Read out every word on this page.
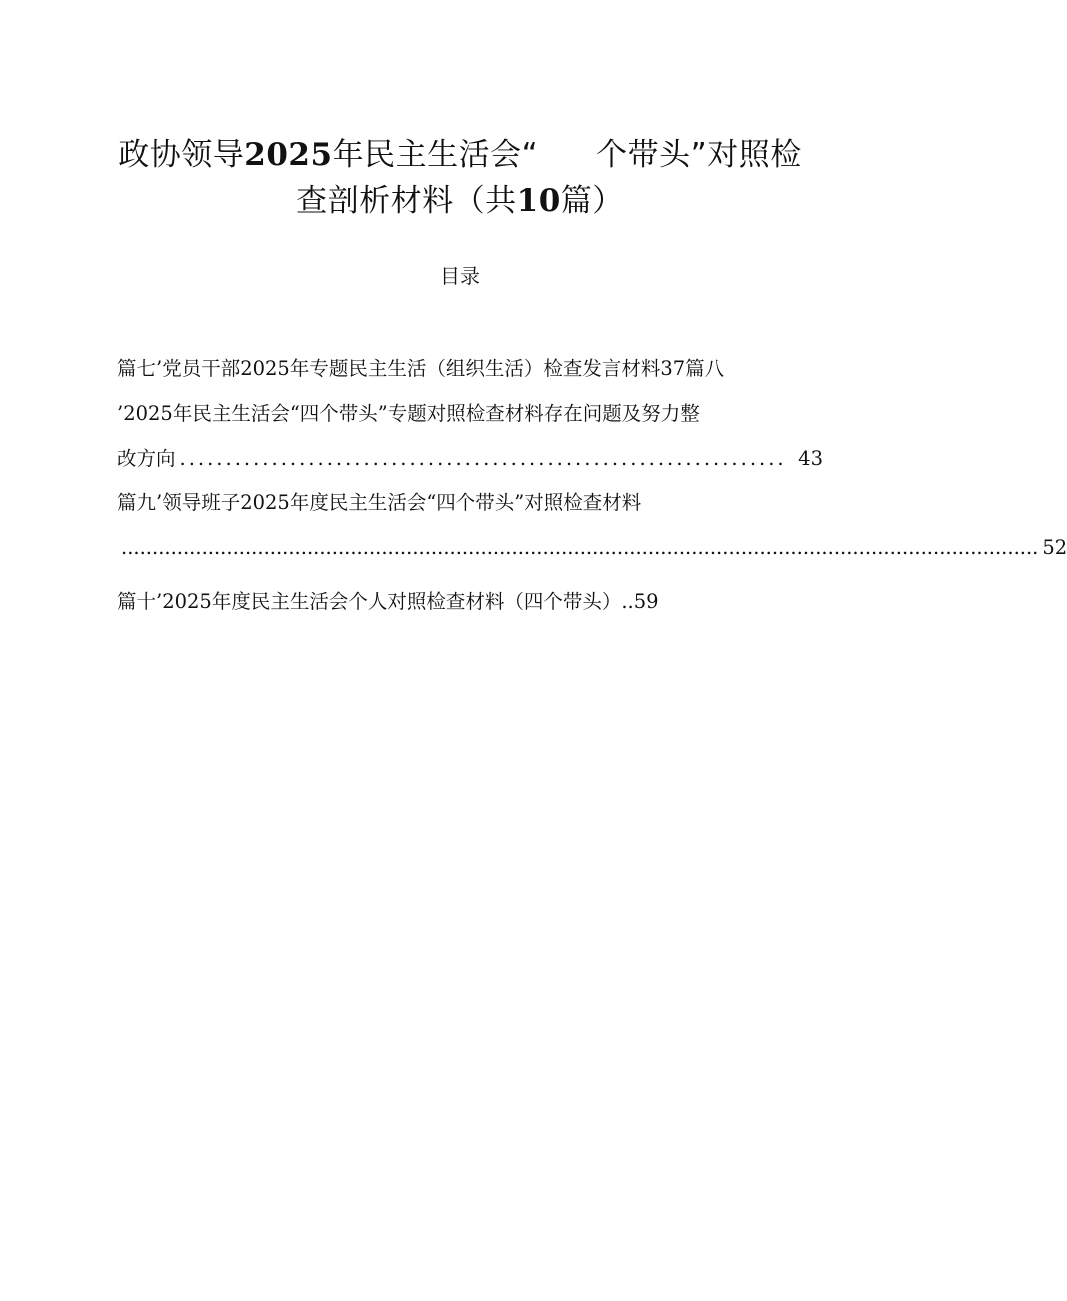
政协领导2025年民主生活会“ 个带头”对照检
查剖析材料（共10篇）
目录
篇七’党员干部2025年专题民主生活（组织生活）检查发言材料37篇八
’2025年民主生活会“四个带头”专题对照检查材料存在问题及努力整
改方向 .................................................................. 43
篇九’领导班子2025年度民主生活会“四个带头”对照检查材料
.................................................................................................................................................... 52
篇十’2025年度民主生活会个人对照检查材料（四个带头）..59
